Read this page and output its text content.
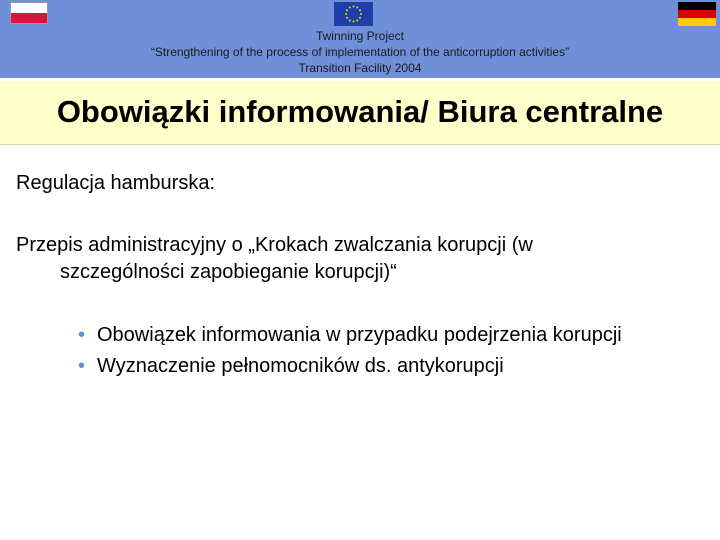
Twinning Project
“Strengthening of the process of implementation of the anticorruption activities”
Transition Facility 2004
Obowiązki informowania/ Biura centralne
Regulacja hamburska:
Przepis administracyjny o „Krokach zwalczania korupcji (w
szczególności zapobieganie korupcji)“
• Obowiązek informowania w przypadku podejrzenia korupcji
• Wyznaczenie pełnomocników ds. antykorupcji
